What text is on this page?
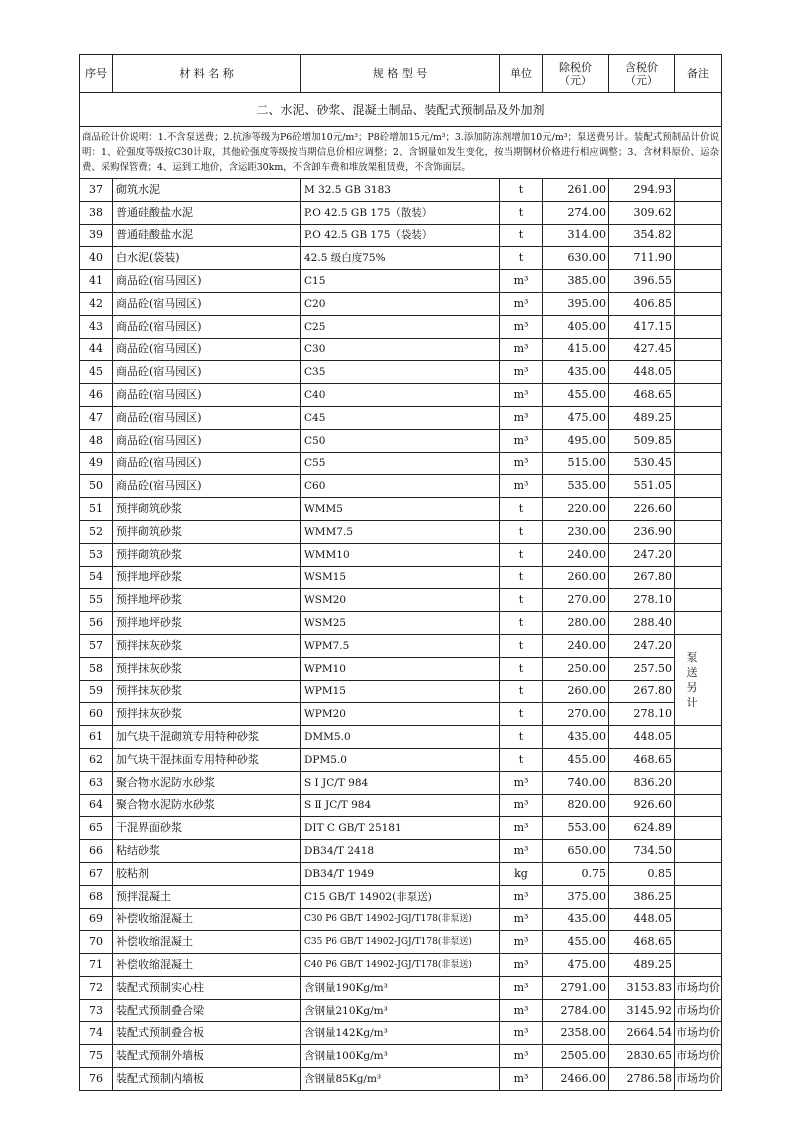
序号	材 料 名 称	规 格 型 号	单位	除税价（元）	含税价（元）	备注
二、水泥、砂浆、混凝土制品、装配式预制品及外加剂						
商品砼计价说明：1.不含泵送费；2.抗渗等级为P6砼增加10元/m³；P8砼增加15元/m³；3.添加防冻剂增加10元/m³；泵送费另计。装配式预制品计价说明：1、砼强度等级按C30计取，其他砼强度等级按当期信息价相应调整；2、含钢量如发生变化，按当期钢材价格进行相应调整；3、含材料原价、运杂费、采购保管费；4、运到工地价，含运距30km，不含卸车费和堆放架租赁费，不含饰面层。						
37	砌筑水泥	M 32.5 GB 3183	t	261.00	294.93	
38	普通硅酸盐水泥	P.O 42.5 GB 175（散装）	t	274.00	309.62	
39	普通硅酸盐水泥	P.O 42.5 GB 175（袋装）	t	314.00	354.82	
40	白水泥(袋装)	42.5 级白度75%	t	630.00	711.90	
41	商品砼(宿马园区)	C15	m³	385.00	396.55	
42	商品砼(宿马园区)	C20	m³	395.00	406.85	
43	商品砼(宿马园区)	C25	m³	405.00	417.15	
44	商品砼(宿马园区)	C30	m³	415.00	427.45	
45	商品砼(宿马园区)	C35	m³	435.00	448.05	
46	商品砼(宿马园区)	C40	m³	455.00	468.65	
47	商品砼(宿马园区)	C45	m³	475.00	489.25	
48	商品砼(宿马园区)	C50	m³	495.00	509.85	
49	商品砼(宿马园区)	C55	m³	515.00	530.45	
50	商品砼(宿马园区)	C60	m³	535.00	551.05	
51	预拌砌筑砂浆	WMM5	t	220.00	226.60	
52	预拌砌筑砂浆	WMM7.5	t	230.00	236.90	
53	预拌砌筑砂浆	WMM10	t	240.00	247.20	
54	预拌地坪砂浆	WSM15	t	260.00	267.80	
55	预拌地坪砂浆	WSM20	t	270.00	278.10	
56	预拌地坪砂浆	WSM25	t	280.00	288.40	
57	预拌抹灰砂浆	WPM7.5	t	240.00	247.20	泵送另计
58	预拌抹灰砂浆	WPM10	t	250.00	257.50	
59	预拌抹灰砂浆	WPM15	t	260.00	267.80	
60	预拌抹灰砂浆	WPM20	t	270.00	278.10	
61	加气块干混砌筑专用特种砂浆	DMM5.0	t	435.00	448.05	
62	加气块干混抹面专用特种砂浆	DPM5.0	t	455.00	468.65	
63	聚合物水泥防水砂浆	S Ⅰ JC/T 984	m³	740.00	836.20	
64	聚合物水泥防水砂浆	S Ⅱ JC/T 984	m³	820.00	926.60	
65	干混界面砂浆	DIT C GB/T 25181	m³	553.00	624.89	
66	粘结砂浆	DB34/T 2418	m³	650.00	734.50	
67	胶粘剂	DB34/T 1949	kg	0.75	0.85	
68	预拌混凝土	C15 GB/T 14902(非泵送)	m³	375.00	386.25	
69	补偿收缩混凝土	C30 P6 GB/T 14902-JGJ/T178(非泵送)	m³	435.00	448.05	
70	补偿收缩混凝土	C35 P6 GB/T 14902-JGJ/T178(非泵送)	m³	455.00	468.65	
71	补偿收缩混凝土	C40 P6 GB/T 14902-JGJ/T178(非泵送)	m³	475.00	489.25	
72	装配式预制实心柱	含钢量190Kg/m³	m³	2791.00	3153.83	市场均价
73	装配式预制叠合梁	含钢量210Kg/m³	m³	2784.00	3145.92	市场均价
74	装配式预制叠合板	含钢量142Kg/m³	m³	2358.00	2664.54	市场均价
75	装配式预制外墙板	含钢量100Kg/m³	m³	2505.00	2830.65	市场均价
76	装配式预制内墙板	含钢量85Kg/m³	m³	2466.00	2786.58	市场均价
